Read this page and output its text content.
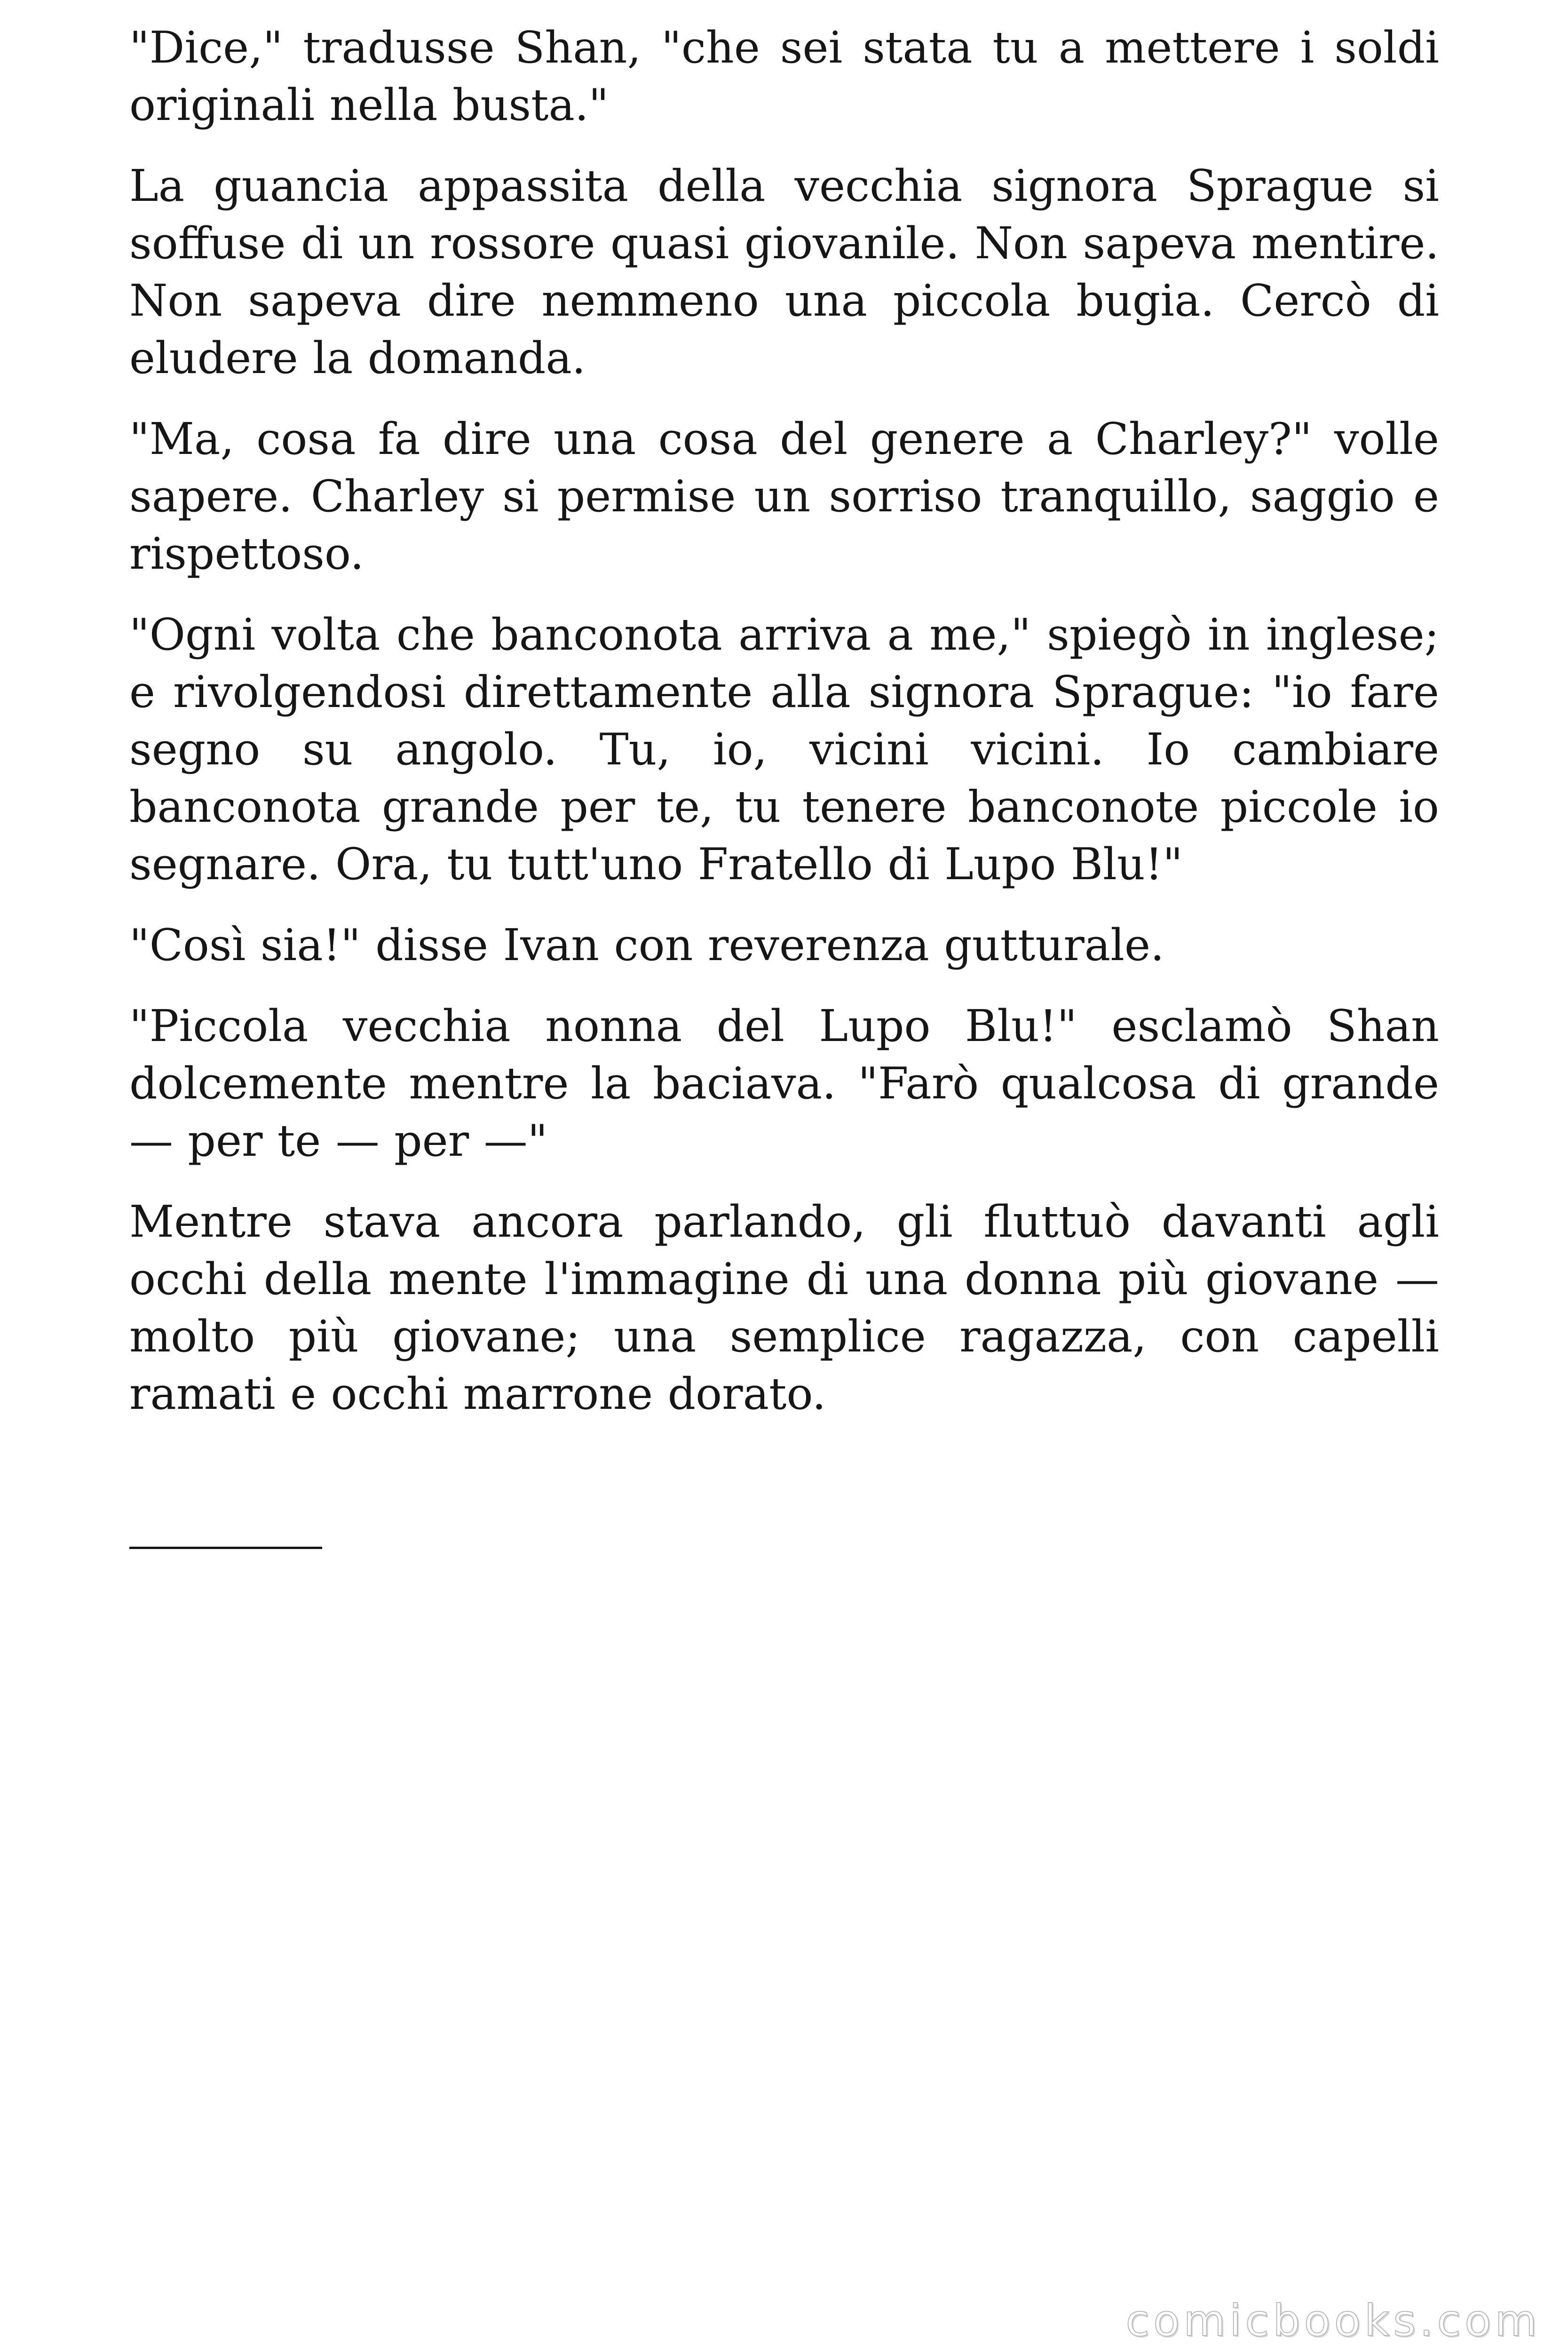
"Dice," tradusse Shan, "che sei stata tu a mettere i soldi originali nella busta."

La guancia appassita della vecchia signora Sprague si soffuse di un rossore quasi giovanile. Non sapeva mentire. Non sapeva dire nemmeno una piccola bugia. Cercò di eludere la domanda.

"Ma, cosa fa dire una cosa del genere a Charley?" volle sapere. Charley si permise un sorriso tranquillo, saggio e rispettoso.

"Ogni volta che banconota arriva a me," spiegò in inglese; e rivolgendosi direttamente alla signora Sprague: "io fare segno su angolo. Tu, io, vicini vicini. Io cambiare banconota grande per te, tu tenere banconote piccole io segnare. Ora, tu tutt'uno Fratello di Lupo Blu!"

"Così sia!" disse Ivan con reverenza gutturale.

"Piccola vecchia nonna del Lupo Blu!" esclamò Shan dolcemente mentre la baciava. "Farò qualcosa di grande — per te — per —"

Mentre stava ancora parlando, gli fluttuò davanti agli occhi della mente l'immagine di una donna più giovane — molto più giovane; una semplice ragazza, con capelli ramati e occhi marrone dorato.

comicbooks.com
